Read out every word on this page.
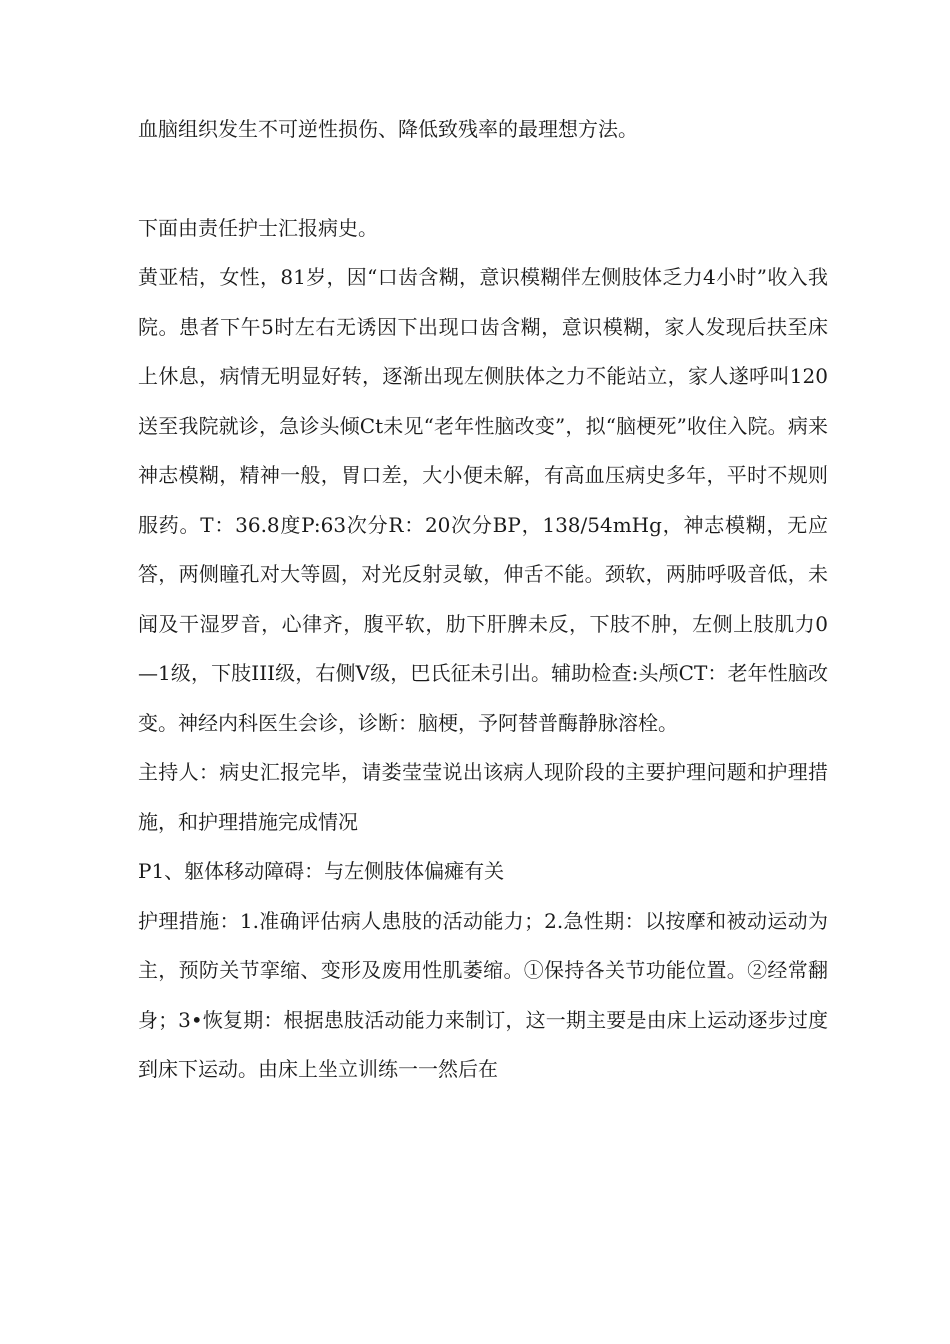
血脑组织发生不可逆性损伤、降低致残率的最理想方法。

下面由责任护士汇报病史。

黄亚桔，女性，81岁，因“口齿含糊，意识模糊伴左侧肢体乏力4小时”收入我院。患者下午5时左右无诱因下出现口齿含糊，意识模糊，家人发现后扶至床上休息，病情无明显好转，逐渐出现左侧肤体之力不能站立，家人遂呼叫120送至我院就诊，急诊头倾Ct未见“老年性脑改变”，拟“脑梗死”收住入院。病来神志模糊，精神一般，胃口差，大小便未解，有高血压病史多年，平时不规则服药。T：36.8度P:63次分R：20次分BP，138/54mHg，神志模糊，无应答，两侧瞳孔对大等圆，对光反射灵敏，伸舌不能。颈软，两肺呼吸音低，未闻及干湿罗音，心律齐，腹平软，肋下肝脾未反，下肢不肿，左侧上肢肌力0—1级，下肢III级，右侧V级，巴氏征未引出。辅助检查:头颅CT：老年性脑改变。神经内科医生会诊，诊断：脑梗，予阿替普酶静脉溶栓。

主持人：病史汇报完毕，请娄莹莹说出该病人现阶段的主要护理问题和护理措施，和护理措施完成情况

P1、躯体移动障碍：与左侧肢体偏瘫有关

护理措施：1.准确评估病人患肢的活动能力；2.急性期：以按摩和被动运动为主，预防关节挛缩、变形及废用性肌萎缩。①保持各关节功能位置。②经常翻身；3•恢复期：根据患肢活动能力来制订，这一期主要是由床上运动逐步过度到床下运动。由床上坐立训练一一然后在
